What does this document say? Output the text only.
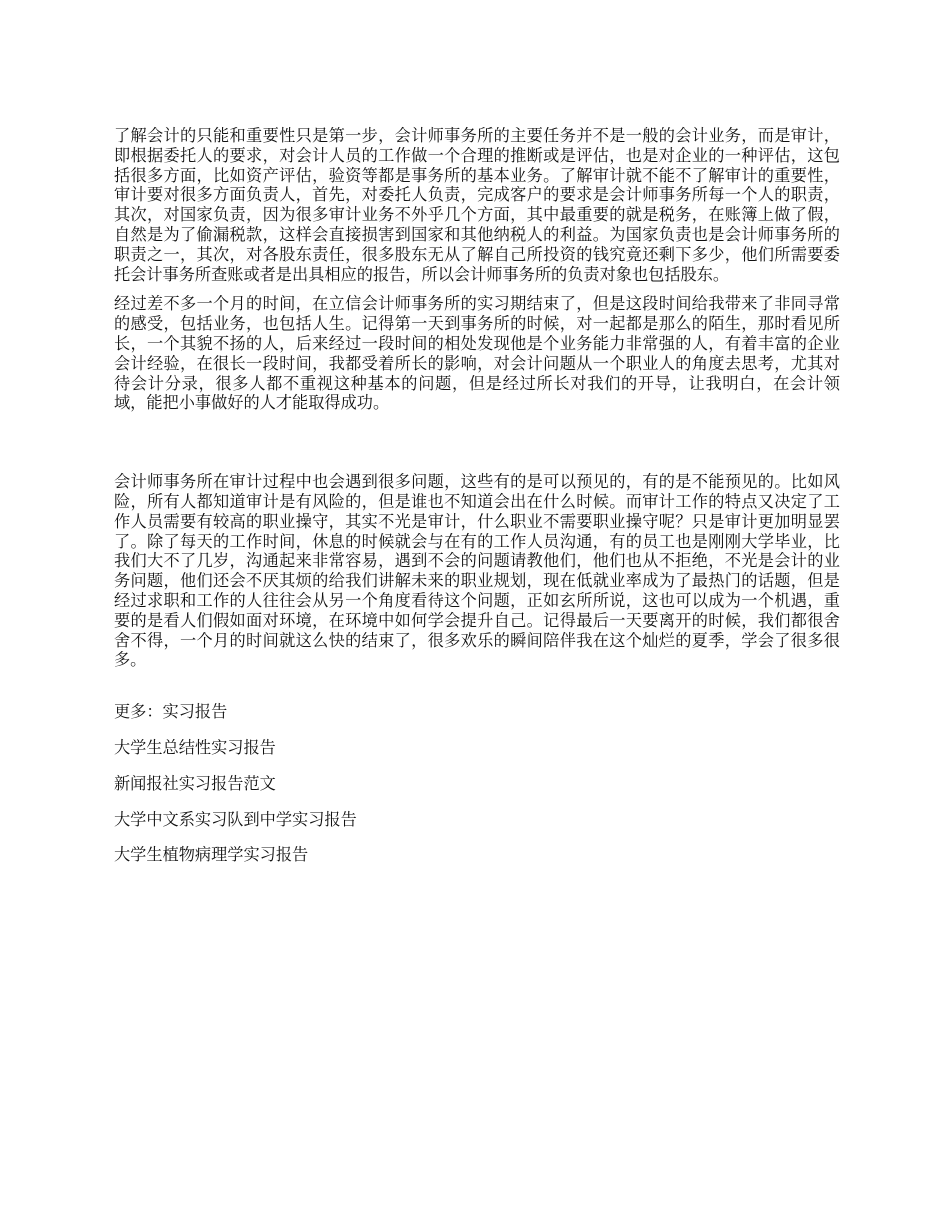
了解会计的只能和重要性只是第一步，会计师事务所的主要任务并不是一般的会计业务，而是审计，即根据委托人的要求，对会计人员的工作做一个合理的推断或是评估，也是对企业的一种评估，这包括很多方面，比如资产评估，验资等都是事务所的基本业务。了解审计就不能不了解审计的重要性，审计要对很多方面负责人，首先，对委托人负责，完成客户的要求是会计师事务所每一个人的职责，其次，对国家负责，因为很多审计业务不外乎几个方面，其中最重要的就是税务，在账簿上做了假，自然是为了偷漏税款，这样会直接损害到国家和其他纳税人的利益。为国家负责也是会计师事务所的职责之一，其次，对各股东责任，很多股东无从了解自己所投资的钱究竟还剩下多少，他们所需要委托会计事务所查账或者是出具相应的报告，所以会计师事务所的负责对象也包括股东。

经过差不多一个月的时间，在立信会计师事务所的实习期结束了，但是这段时间给我带来了非同寻常的感受，包括业务，也包括人生。记得第一天到事务所的时候，对一起都是那么的陌生，那时看见所长，一个其貌不扬的人，后来经过一段时间的相处发现他是个业务能力非常强的人，有着丰富的企业会计经验，在很长一段时间，我都受着所长的影响，对会计问题从一个职业人的角度去思考，尤其对待会计分录，很多人都不重视这种基本的问题，但是经过所长对我们的开导，让我明白，在会计领域，能把小事做好的人才能取得成功。

会计师事务所在审计过程中也会遇到很多问题，这些有的是可以预见的，有的是不能预见的。比如风险，所有人都知道审计是有风险的，但是谁也不知道会出在什么时候。而审计工作的特点又决定了工作人员需要有较高的职业操守，其实不光是审计，什么职业不需要职业操守呢？只是审计更加明显罢了。除了每天的工作时间，休息的时候就会与在有的工作人员沟通，有的员工也是刚刚大学毕业，比我们大不了几岁，沟通起来非常容易，遇到不会的问题请教他们，他们也从不拒绝，不光是会计的业务问题，他们还会不厌其烦的给我们讲解未来的职业规划，现在低就业率成为了最热门的话题，但是经过求职和工作的人往往会从另一个角度看待这个问题，正如玄所所说，这也可以成为一个机遇，重要的是看人们假如面对环境，在环境中如何学会提升自己。记得最后一天要离开的时候，我们都很舍舍不得，一个月的时间就这么快的结束了，很多欢乐的瞬间陪伴我在这个灿烂的夏季，学会了很多很多。

更多：实习报告
大学生总结性实习报告
新闻报社实习报告范文
大学中文系实习队到中学实习报告
大学生植物病理学实习报告
